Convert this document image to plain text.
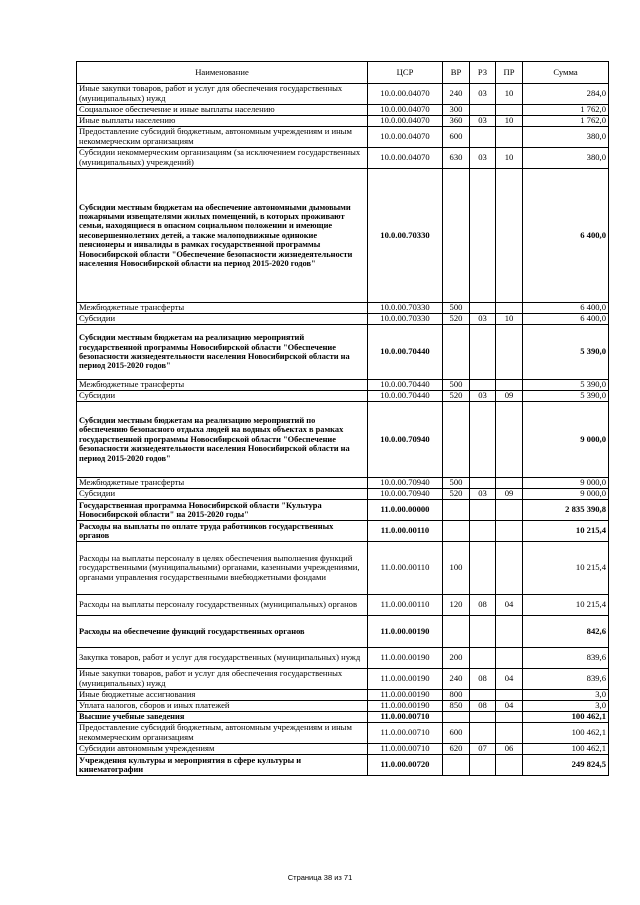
Наименование	ЦСР	ВР	РЗ	ПР	Сумма
Иные закупки товаров, работ и услуг для обеспечения государственных (муниципальных) нужд	10.0.00.04070	240	03	10	284,0
Социальное обеспечение и иные выплаты населению	10.0.00.04070	300			1 762,0
Иные выплаты населению	10.0.00.04070	360	03	10	1 762,0
Предоставление субсидий бюджетным, автономным учреждениям и иным некоммерческим организациям	10.0.00.04070	600			380,0
Субсидии некоммерческим организациям (за исключением государственных (муниципальных) учреждений)	10.0.00.04070	630	03	10	380,0
Субсидии местным бюджетам на обеспечение автономными дымовыми пожарными извещателями жилых помещений, в которых проживают семьи, находящиеся в опасном социальном положении и имеющие несовершеннолетних детей, а также малоподвижные одинокие пенсионеры и инвалиды в рамках государственной программы Новосибирской области "Обеспечение безопасности жизнедеятельности населения Новосибирской области на период 2015-2020 годов"	10.0.00.70330				6 400,0
Межбюджетные трансферты	10.0.00.70330	500			6 400,0
Субсидии	10.0.00.70330	520	03	10	6 400,0
Субсидии местным бюджетам на реализацию мероприятий государственной программы Новосибирской области "Обеспечение безопасности жизнедеятельности населения Новосибирской области на период 2015-2020 годов"	10.0.00.70440				5 390,0
Межбюджетные трансферты	10.0.00.70440	500			5 390,0
Субсидии	10.0.00.70440	520	03	09	5 390,0
Субсидии местным бюджетам на реализацию мероприятий по обеспечению безопасного отдыха людей на водных объектах в рамках государственной программы Новосибирской области "Обеспечение безопасности жизнедеятельности населения Новосибирской области на период 2015-2020 годов"	10.0.00.70940				9 000,0
Межбюджетные трансферты	10.0.00.70940	500			9 000,0
Субсидии	10.0.00.70940	520	03	09	9 000,0
Государственная программа Новосибирской области "Культура Новосибирской области" на 2015-2020 годы"	11.0.00.00000				2 835 390,8
Расходы на выплаты по оплате труда работников государственных органов	11.0.00.00110				10 215,4
Расходы на выплаты персоналу в целях обеспечения выполнения функций государственными (муниципальными) органами, казенными учреждениями, органами управления государственными внебюджетными фондами	11.0.00.00110	100			10 215,4
Расходы на выплаты персоналу государственных (муниципальных) органов	11.0.00.00110	120	08	04	10 215,4
Расходы на обеспечение функций государственных органов	11.0.00.00190				842,6
Закупка товаров, работ и услуг для государственных (муниципальных) нужд	11.0.00.00190	200			839,6
Иные закупки товаров, работ и услуг для обеспечения государственных (муниципальных) нужд	11.0.00.00190	240	08	04	839,6
Иные бюджетные ассигнования	11.0.00.00190	800			3,0
Уплата налогов, сборов и иных платежей	11.0.00.00190	850	08	04	3,0
Высшие учебные заведения	11.0.00.00710				100 462,1
Предоставление субсидий бюджетным, автономным учреждениям и иным некоммерческим организациям	11.0.00.00710	600			100 462,1
Субсидии автономным учреждениям	11.0.00.00710	620	07	06	100 462,1
Учреждения культуры и мероприятия в сфере культуры и кинематографии	11.0.00.00720				249 824,5
Страница 38 из 71
